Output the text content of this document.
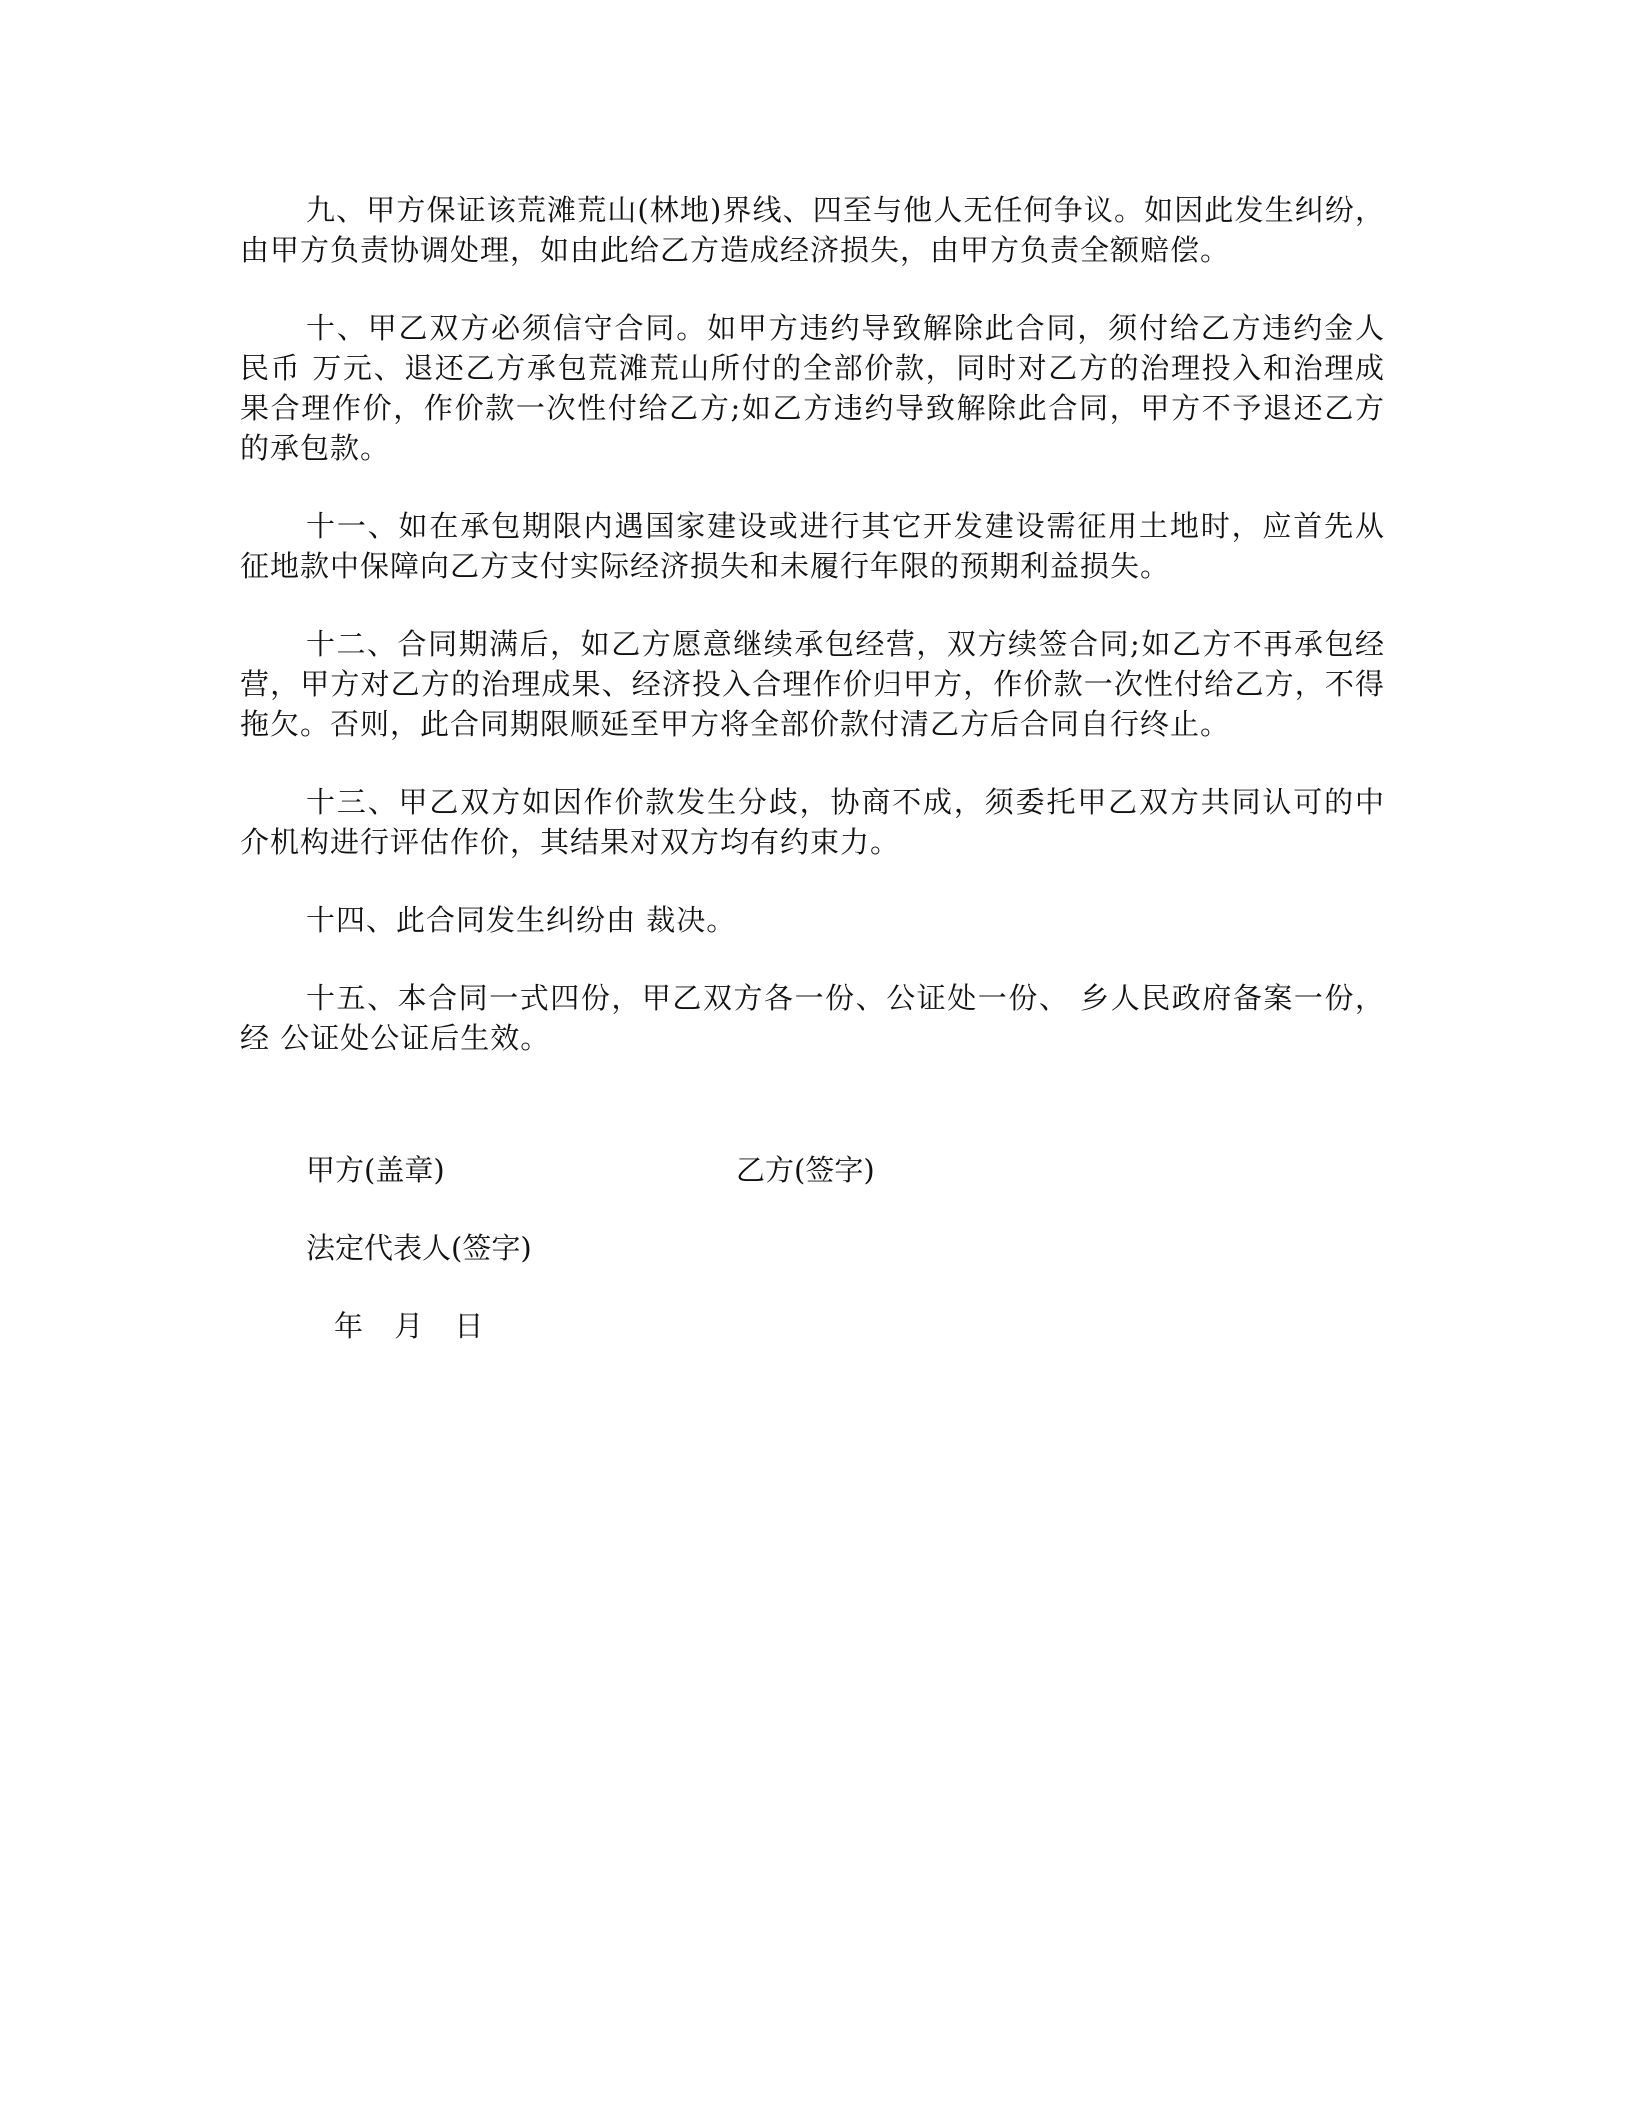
九、甲方保证该荒滩荒山(林地)界线、四至与他人无任何争议。如因此发生纠纷，由甲方负责协调处理，如由此给乙方造成经济损失，由甲方负责全额赔偿。

十、甲乙双方必须信守合同。如甲方违约导致解除此合同，须付给乙方违约金人民币 万元、退还乙方承包荒滩荒山所付的全部价款，同时对乙方的治理投入和治理成果合理作价，作价款一次性付给乙方;如乙方违约导致解除此合同，甲方不予退还乙方的承包款。

十一、如在承包期限内遇国家建设或进行其它开发建设需征用土地时，应首先从征地款中保障向乙方支付实际经济损失和未履行年限的预期利益损失。

十二、合同期满后，如乙方愿意继续承包经营，双方续签合同;如乙方不再承包经营，甲方对乙方的治理成果、经济投入合理作价归甲方，作价款一次性付给乙方，不得拖欠。否则，此合同期限顺延至甲方将全部价款付清乙方后合同自行终止。

十三、甲乙双方如因作价款发生分歧，协商不成，须委托甲乙双方共同认可的中介机构进行评估作价，其结果对双方均有约束力。

十四、此合同发生纠纷由 裁决。

十五、本合同一式四份，甲乙双方各一份、公证处一份、 乡人民政府备案一份，经 公证处公证后生效。

甲方(盖章)	乙方(签字)
法定代表人(签字)
年 月 日
